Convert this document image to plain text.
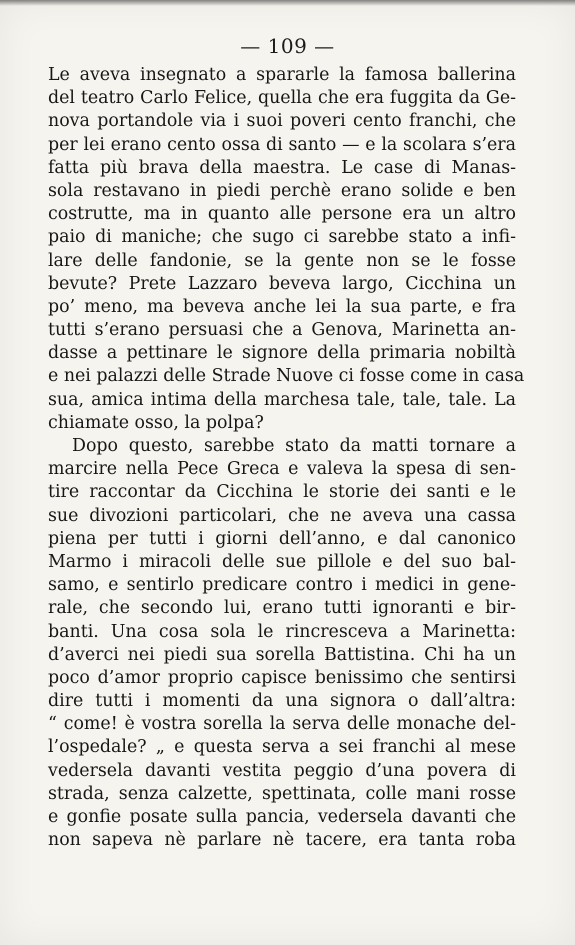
— 109 —
Le aveva insegnato a spararle la famosa ballerina
del teatro Carlo Felice, quella che era fuggita da Ge-
nova portandole via i suoi poveri cento franchi, che
per lei erano cento ossa di santo — e la scolara s’era
fatta più brava della maestra. Le case di Manas-
sola restavano in piedi perchè erano solide e ben
costrutte, ma in quanto alle persone era un altro
paio di maniche; che sugo ci sarebbe stato a infi-
lare delle fandonie, se la gente non se le fosse
bevute? Prete Lazzaro beveva largo, Cicchina un
po’ meno, ma beveva anche lei la sua parte, e fra
tutti s’erano persuasi che a Genova, Marinetta an-
dasse a pettinare le signore della primaria nobiltà
e nei palazzi delle Strade Nuove ci fosse come in casa
sua, amica intima della marchesa tale, tale, tale. La
chiamate osso, la polpa?
Dopo questo, sarebbe stato da matti tornare a
marcire nella Pece Greca e valeva la spesa di sen-
tire raccontar da Cicchina le storie dei santi e le
sue divozioni particolari, che ne aveva una cassa
piena per tutti i giorni dell’anno, e dal canonico
Marmo i miracoli delle sue pillole e del suo bal-
samo, e sentirlo predicare contro i medici in gene-
rale, che secondo lui, erano tutti ignoranti e bir-
banti. Una cosa sola le rincresceva a Marinetta:
d’averci nei piedi sua sorella Battistina. Chi ha un
poco d’amor proprio capisce benissimo che sentirsi
dire tutti i momenti da una signora o dall’altra:
“ come! è vostra sorella la serva delle monache del-
l’ospedale? „ e questa serva a sei franchi al mese
vedersela davanti vestita peggio d’una povera di
strada, senza calzette, spettinata, colle mani rosse
e gonfie posate sulla pancia, vedersela davanti che
non sapeva nè parlare nè tacere, era tanta roba
